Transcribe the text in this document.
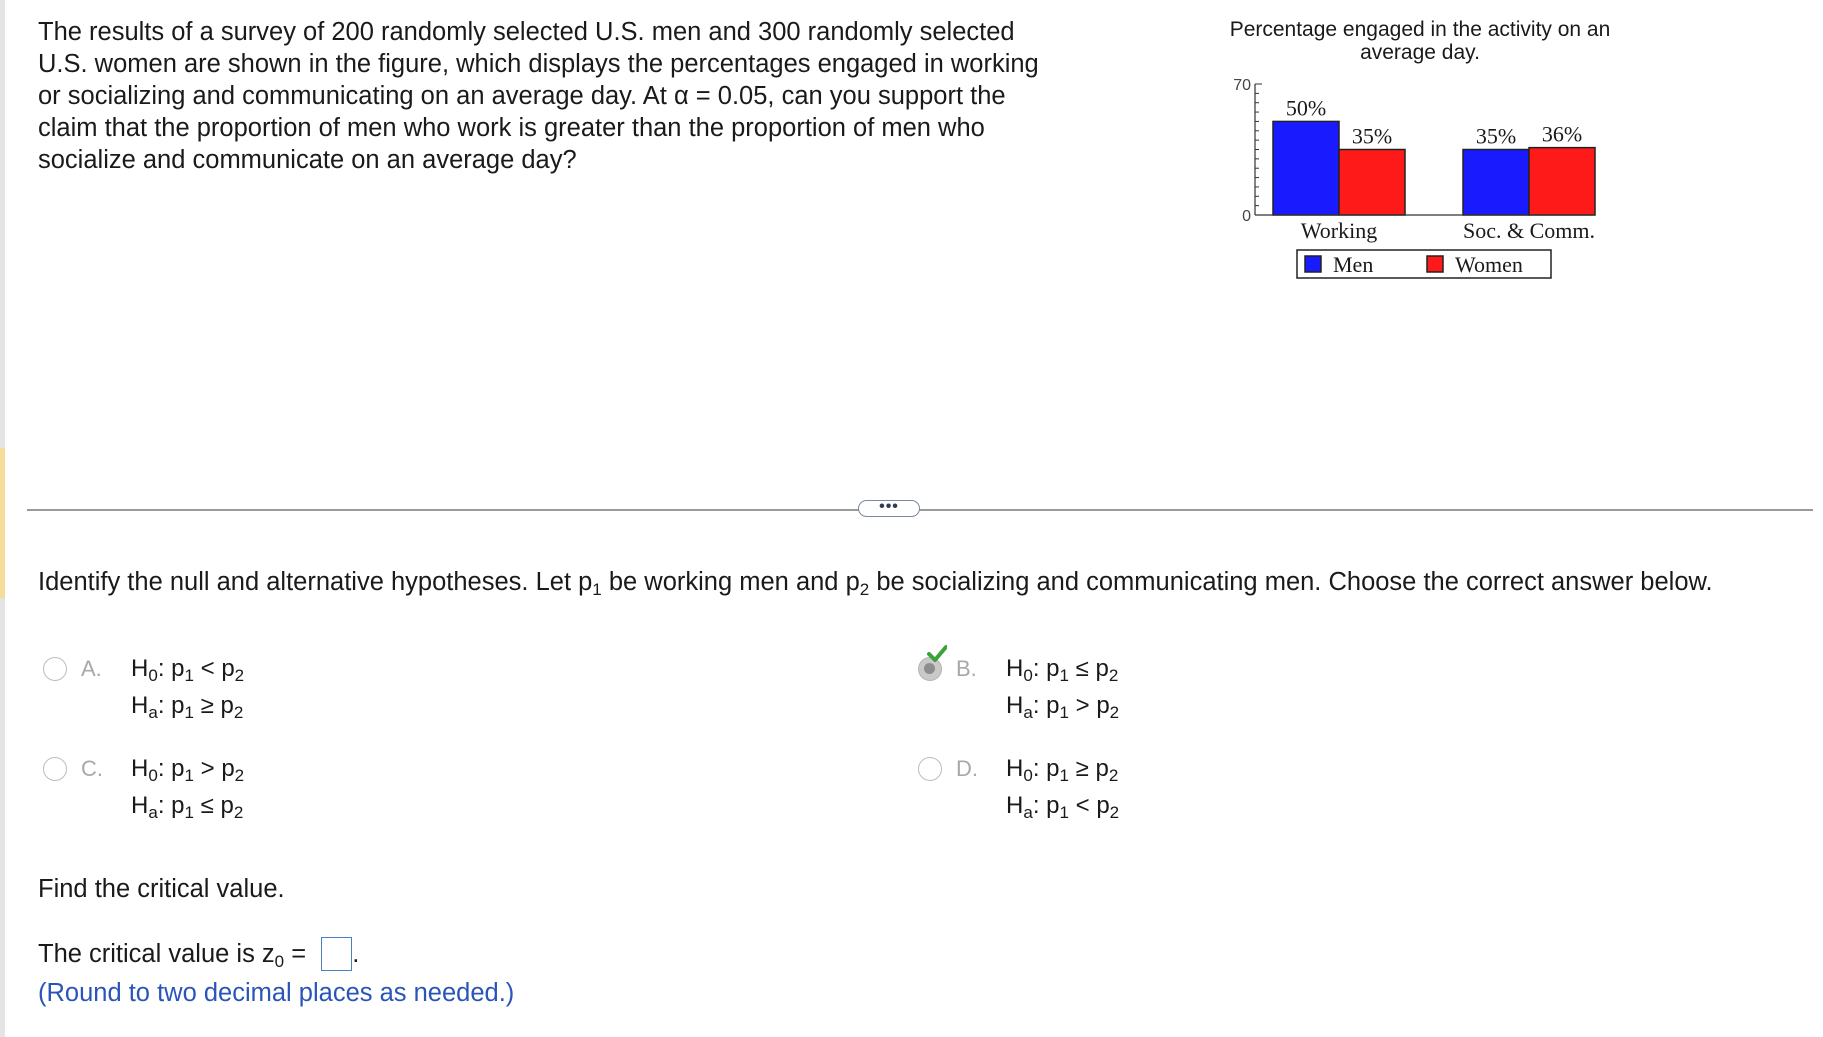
The results of a survey of 200 randomly selected U.S. men and 300 randomly selected U.S. women are shown in the figure, which displays the percentages engaged in working or socializing and communicating on an average day. At α = 0.05, can you support the claim that the proportion of men who work is greater than the proportion of men who socialize and communicate on an average day?

Percentage engaged in the activity on an average day.
70
0
50%
35%
Working
35% 36%
Soc. & Comm.
Men	Women
•••
Identify the null and alternative hypotheses. Let $p_1$ be working men and $p_2$ be socializing and communicating men. Choose the correct answer below.
A. $H_0$: $p_1 < p_2$
$H_a$: $p_1 \ge p_2$
B. $H_0$: $p_1 \le p_2$
$H_a$: $p_1 > p_2$
C. $H_0$: $p_1 > p_2$
$H_a$: $p_1 \le p_2$
D. $H_0$: $p_1 \ge p_2$
$H_a$: $p_1 < p_2$
Find the critical value.
The critical value is $z_0$ = .
(Round to two decimal places as needed.)
